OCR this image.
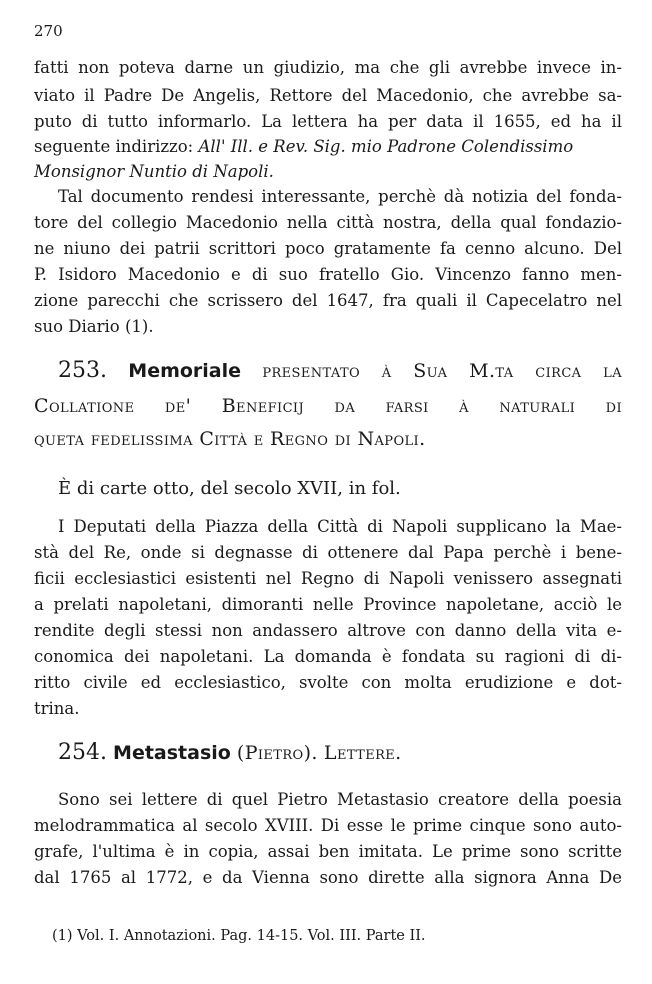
270
fatti non poteva darne un giudizio, ma che gli avrebbe invece in-
viato il Padre De Angelis, Rettore del Macedonio, che avrebbe sa-
puto di tutto informarlo. La lettera ha per data il 1655, ed ha il
seguente indirizzo: All' Ill. e Rev. Sig. mio Padrone Colendissimo
Monsignor Nuntio di Napoli.
Tal documento rendesi interessante, perchè dà notizia del fonda-
tore del collegio Macedonio nella città nostra, della qual fondazio-
ne niuno dei patrii scrittori poco gratamente fa cenno alcuno. Del
P. Isidoro Macedonio e di suo fratello Gio. Vincenzo fanno men-
zione parecchi che scrissero del 1647, fra quali il Capecelatro nel
suo Diario (1).
253. Memoriale presentato à Sua M.ta circa la
Collatione de' Beneficij da farsi à naturali di
queta fedelissima Città e Regno di Napoli.
È di carte otto, del secolo XVII, in fol.
I Deputati della Piazza della Città di Napoli supplicano la Mae-
stà del Re, onde si degnasse di ottenere dal Papa perchè i bene-
ficii ecclesiastici esistenti nel Regno di Napoli venissero assegnati
a prelati napoletani, dimoranti nelle Province napoletane, acciò le
rendite degli stessi non andassero altrove con danno della vita e-
conomica dei napoletani. La domanda è fondata su ragioni di di-
ritto civile ed ecclesiastico, svolte con molta erudizione e dot-
trina.
254. Metastasio (Pietro). Lettere.
Sono sei lettere di quel Pietro Metastasio creatore della poesia
melodrammatica al secolo XVIII. Di esse le prime cinque sono auto-
grafe, l'ultima è in copia, assai ben imitata. Le prime sono scritte
dal 1765 al 1772, e da Vienna sono dirette alla signora Anna De
(1) Vol. I. Annotazioni. Pag. 14-15. Vol. III. Parte II.
